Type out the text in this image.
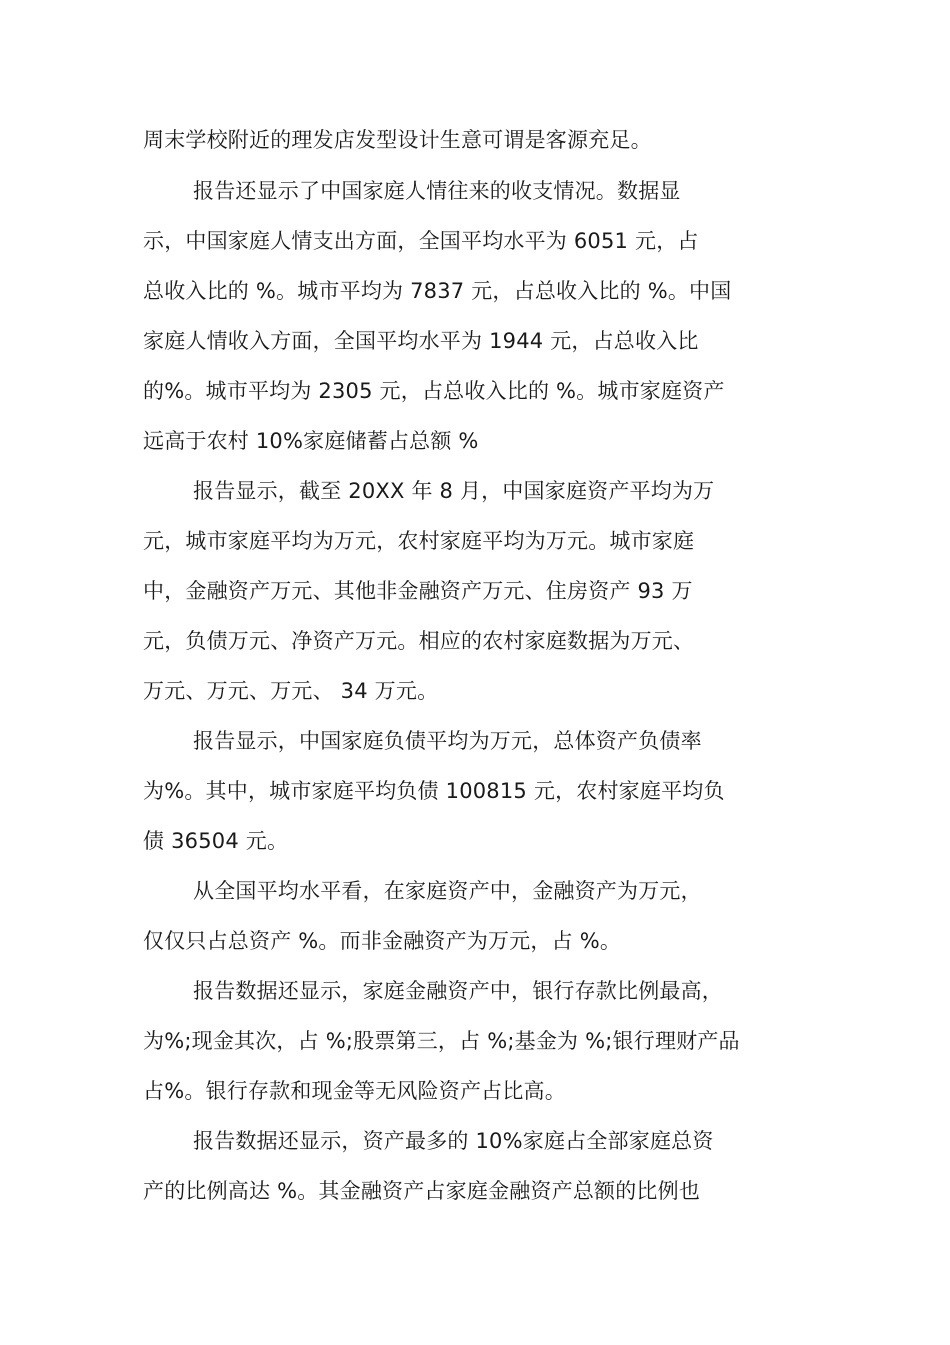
周末学校附近的理发店发型设计生意可谓是客源充足。
报告还显示了中国家庭人情往来的收支情况。数据显
示，中国家庭人情支出方面，全国平均水平为 6051 元，占
总收入比的 %。城市平均为 7837 元，占总收入比的 %。中国
家庭人情收入方面，全国平均水平为 1944 元，占总收入比
的%。城市平均为 2305 元，占总收入比的 %。城市家庭资产
远高于农村 10%家庭储蓄占总额 %
报告显示，截至 20XX 年 8 月，中国家庭资产平均为万
元，城市家庭平均为万元，农村家庭平均为万元。城市家庭
中，金融资产万元、其他非金融资产万元、住房资产 93 万
元，负债万元、净资产万元。相应的农村家庭数据为万元、
万元、万元、万元、 34 万元。
报告显示，中国家庭负债平均为万元，总体资产负债率
为%。其中，城市家庭平均负债 100815 元，农村家庭平均负
债 36504 元。
从全国平均水平看，在家庭资产中，金融资产为万元，
仅仅只占总资产 %。而非金融资产为万元，占 %。
报告数据还显示，家庭金融资产中，银行存款比例最高，
为%;现金其次，占 %;股票第三，占 %;基金为 %;银行理财产品
占%。银行存款和现金等无风险资产占比高。
报告数据还显示，资产最多的 10%家庭占全部家庭总资
产的比例高达 %。其金融资产占家庭金融资产总额的比例也
